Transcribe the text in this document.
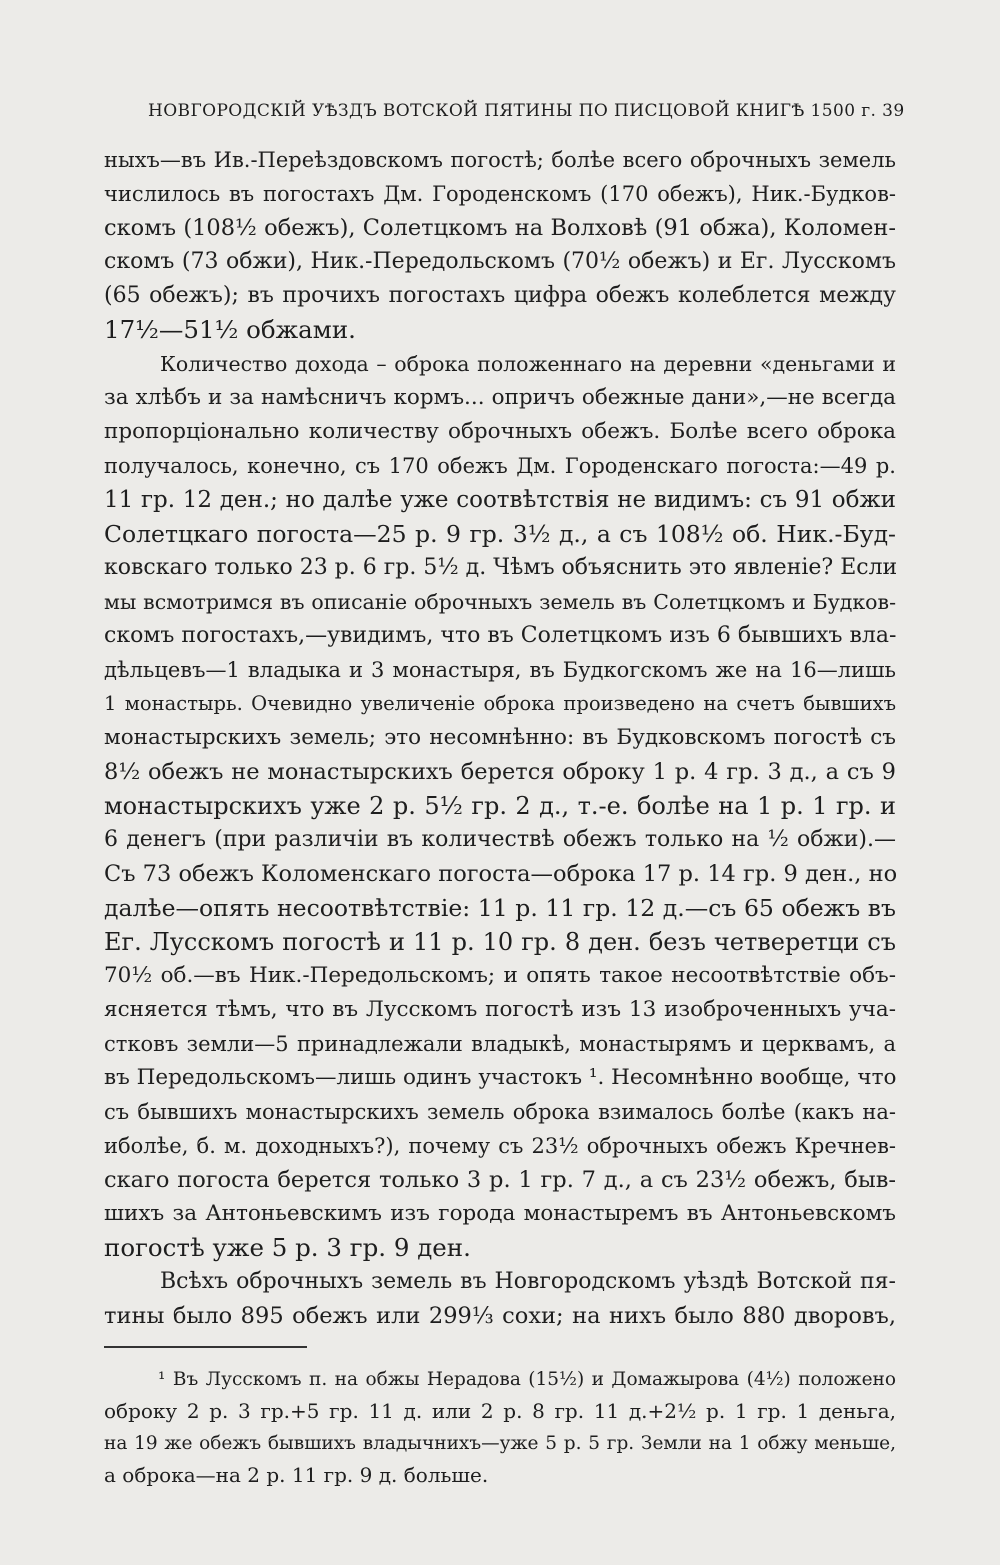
НОВГОРОДСКІЙ УѢЗДЪ ВОТСКОЙ ПЯТИНЫ ПО ПИСЦОВОЙ КНИГѢ 1500 г. 39
ныхъ—въ Ив.-Переѣздовскомъ погостѣ; болѣе всего оброчныхъ земель
числилось въ погостахъ Дм. Городенскомъ (170 обежъ), Ник.-Будков-
скомъ (108½ обежъ), Солетцкомъ на Волховѣ (91 обжа), Коломен-
скомъ (73 обжи), Ник.-Передольскомъ (70½ обежъ) и Ег. Лусскомъ
(65 обежъ); въ прочихъ погостахъ цифра обежъ колеблется между
17½—51½ обжами.
Количество дохода – оброка положеннаго на деревни «деньгами и
за хлѣбъ и за намѣсничъ кормъ... опричъ обежные дани»,—не всегда
пропорціонально количеству оброчныхъ обежъ. Болѣе всего оброка
получалось, конечно, съ 170 обежъ Дм. Городенскаго погоста:—49 р.
11 гр. 12 ден.; но далѣе уже соотвѣтствія не видимъ: съ 91 обжи
Солетцкаго погоста—25 р. 9 гр. 3½ д., а съ 108½ об. Ник.-Буд-
ковскаго только 23 р. 6 гр. 5½ д. Чѣмъ объяснить это явленіе? Если
мы всмотримся въ описаніе оброчныхъ земель въ Солетцкомъ и Будков-
скомъ погостахъ,—увидимъ, что въ Солетцкомъ изъ 6 бывшихъ вла-
дѣльцевъ—1 владыка и 3 монастыря, въ Будкогскомъ же на 16—лишь
1 монастырь. Очевидно увеличеніе оброка произведено на счетъ бывшихъ
монастырскихъ земель; это несомнѣнно: въ Будковскомъ погостѣ съ
8½ обежъ не монастырскихъ берется оброку 1 р. 4 гр. 3 д., а съ 9
монастырскихъ уже 2 р. 5½ гр. 2 д., т.-е. болѣе на 1 р. 1 гр. и
6 денегъ (при различіи въ количествѣ обежъ только на ½ обжи).—
Съ 73 обежъ Коломенскаго погоста—оброка 17 р. 14 гр. 9 ден., но
далѣе—опять несоотвѣтствіе: 11 р. 11 гр. 12 д.—съ 65 обежъ въ
Ег. Лусскомъ погостѣ и 11 р. 10 гр. 8 ден. безъ четверетци съ
70½ об.—въ Ник.-Передольскомъ; и опять такое несоотвѣтствіе объ-
ясняется тѣмъ, что въ Лусскомъ погостѣ изъ 13 изоброченныхъ уча-
стковъ земли—5 принадлежали владыкѣ, монастырямъ и церквамъ, а
въ Передольскомъ—лишь одинъ участокъ ¹. Несомнѣнно вообще, что
съ бывшихъ монастырскихъ земель оброка взималось болѣе (какъ на-
иболѣе, б. м. доходныхъ?), почему съ 23½ оброчныхъ обежъ Кречнев-
скаго погоста берется только 3 р. 1 гр. 7 д., а съ 23½ обежъ, быв-
шихъ за Антоньевскимъ изъ города монастыремъ въ Антоньевскомъ
погостѣ уже 5 р. 3 гр. 9 ден.
Всѣхъ оброчныхъ земель въ Новгородскомъ уѣздѣ Вотской пя-
тины было 895 обежъ или 299⅓ сохи; на нихъ было 880 дворовъ,
¹ Въ Лусскомъ п. на обжы Нерадова (15½) и Домажырова (4½) положено
оброку 2 р. 3 гр.+5 гр. 11 д. или 2 р. 8 гр. 11 д.+2½ р. 1 гр. 1 деньга,
на 19 же обежъ бывшихъ владычнихъ—уже 5 р. 5 гр. Земли на 1 обжу меньше,
а оброка—на 2 р. 11 гр. 9 д. больше.
